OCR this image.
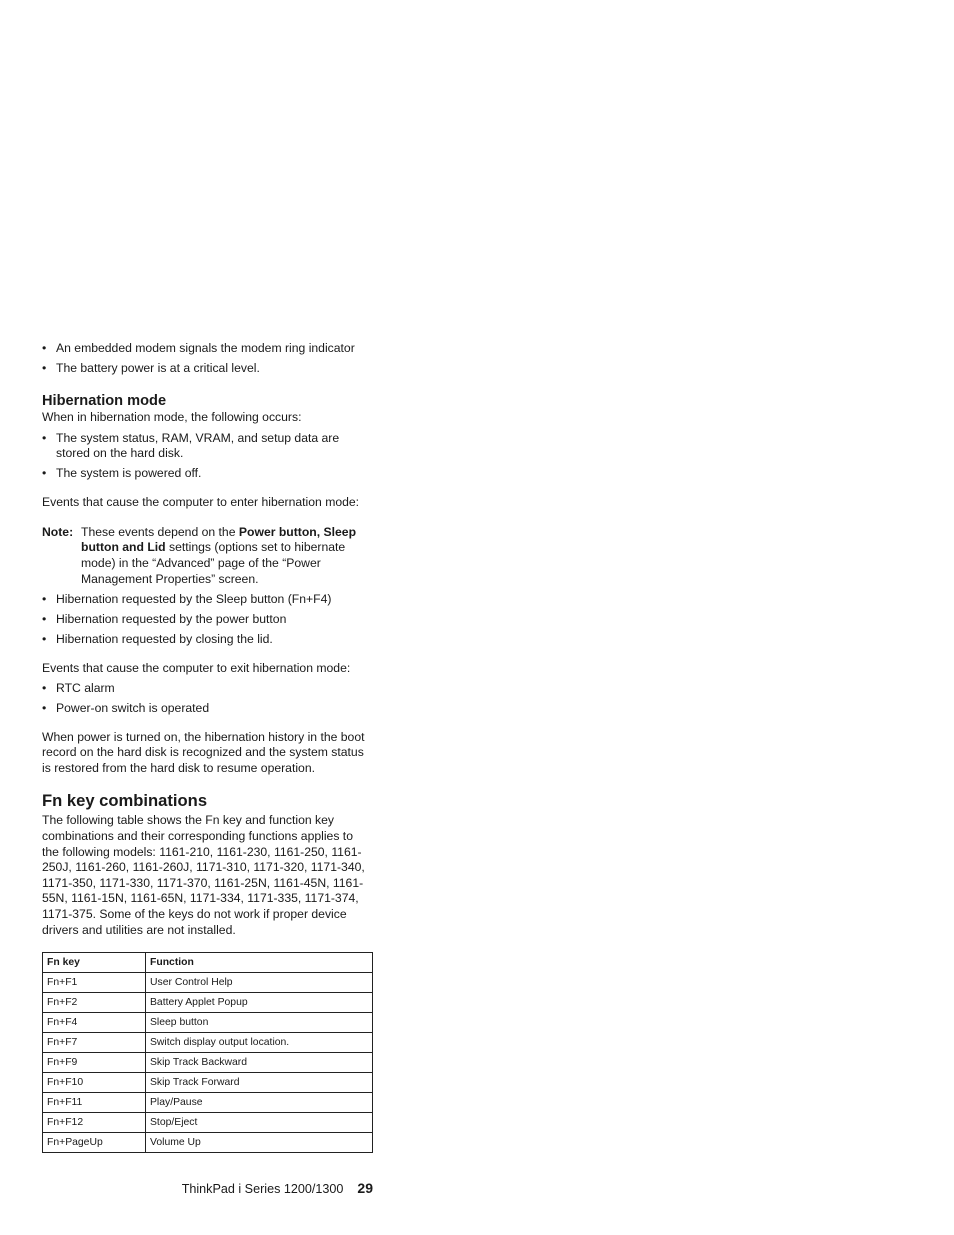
• An embedded modem signals the modem ring indicator
• The battery power is at a critical level.
Hibernation mode

When in hibernation mode, the following occurs:

• The system status, RAM, VRAM, and setup data are stored on the hard disk.
• The system is powered off.

Events that cause the computer to enter hibernation mode:

Note: These events depend on the Power button, Sleep button and Lid settings (options set to hibernate mode) in the “Advanced” page of the “Power Management Properties” screen.
• Hibernation requested by the Sleep button (Fn+F4)
• Hibernation requested by the power button
• Hibernation requested by closing the lid.

Events that cause the computer to exit hibernation mode:

• RTC alarm
• Power-on switch is operated

When power is turned on, the hibernation history in the boot record on the hard disk is recognized and the system status is restored from the hard disk to resume operation.

Fn key combinations

The following table shows the Fn key and function key combinations and their corresponding functions applies to the following models: 1161-210, 1161-230, 1161-250, 1161-250J, 1161-260, 1161-260J, 1171-310, 1171-320, 1171-340, 1171-350, 1171-330, 1171-370, 1161-25N, 1161-45N, 1161-55N, 1161-15N, 1161-65N, 1171-334, 1171-335, 1171-374, 1171-375. Some of the keys do not work if proper device drivers and utilities are not installed.

Fn key	Function
Fn+F1	User Control Help
Fn+F2	Battery Applet Popup
Fn+F4	Sleep button
Fn+F7	Switch display output location.
Fn+F9	Skip Track Backward
Fn+F10	Skip Track Forward
Fn+F11	Play/Pause
Fn+F12	Stop/Eject
Fn+PageUp	Volume Up
ThinkPad i Series 1200/1300 29
